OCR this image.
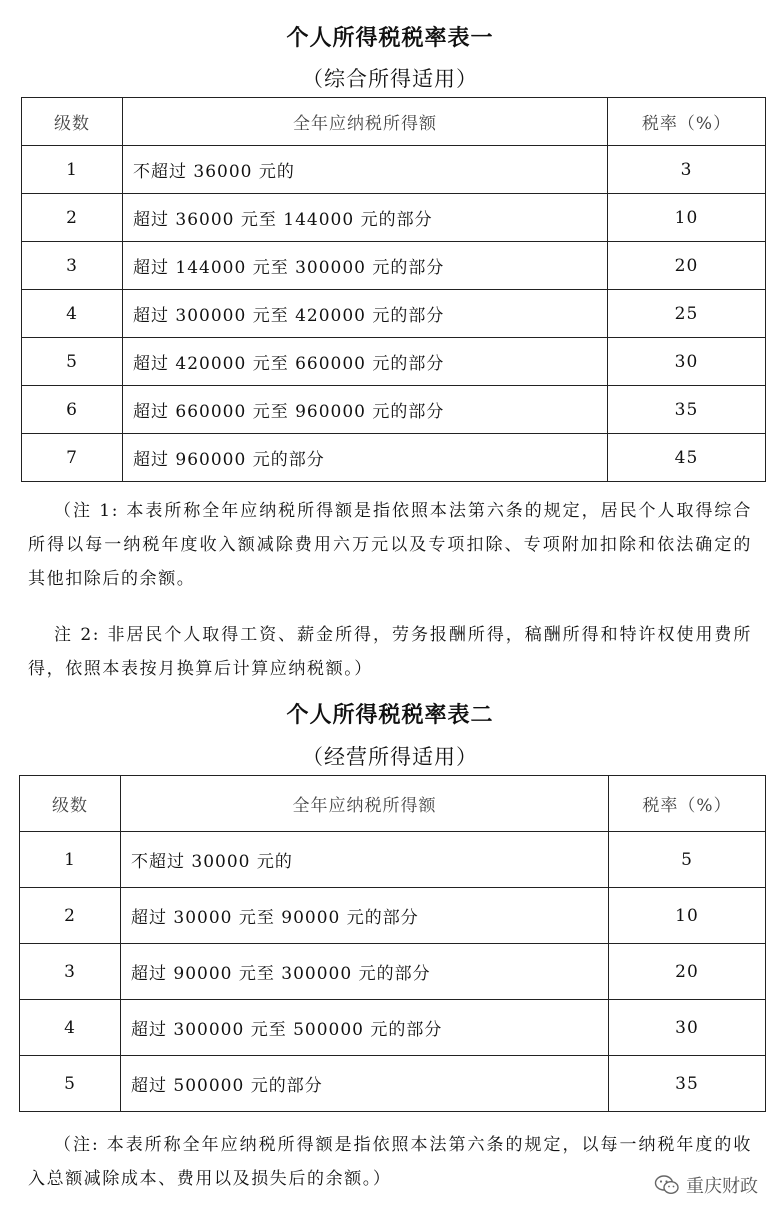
个人所得税税率表一
（综合所得适用）
级数	全年应纳税所得额	税率（%）
1	不超过 36000 元的	3
2	超过 36000 元至 144000 元的部分	10
3	超过 144000 元至 300000 元的部分	20
4	超过 300000 元至 420000 元的部分	25
5	超过 420000 元至 660000 元的部分	30
6	超过 660000 元至 960000 元的部分	35
7	超过 960000 元的部分	45
（注 1: 本表所称全年应纳税所得额是指依照本法第六条的规定，居民个人取得综合所得以每一纳税年度收入额减除费用六万元以及专项扣除、专项附加扣除和依法确定的其他扣除后的余额。
注 2: 非居民个人取得工资、薪金所得，劳务报酬所得，稿酬所得和特许权使用费所得，依照本表按月换算后计算应纳税额。）
个人所得税税率表二
（经营所得适用）
级数	全年应纳税所得额	税率（%）
1	不超过 30000 元的	5
2	超过 30000 元至 90000 元的部分	10
3	超过 90000 元至 300000 元的部分	20
4	超过 300000 元至 500000 元的部分	30
5	超过 500000 元的部分	35
（注: 本表所称全年应纳税所得额是指依照本法第六条的规定，以每一纳税年度的收入总额减除成本、费用以及损失后的余额。）	重庆财政
